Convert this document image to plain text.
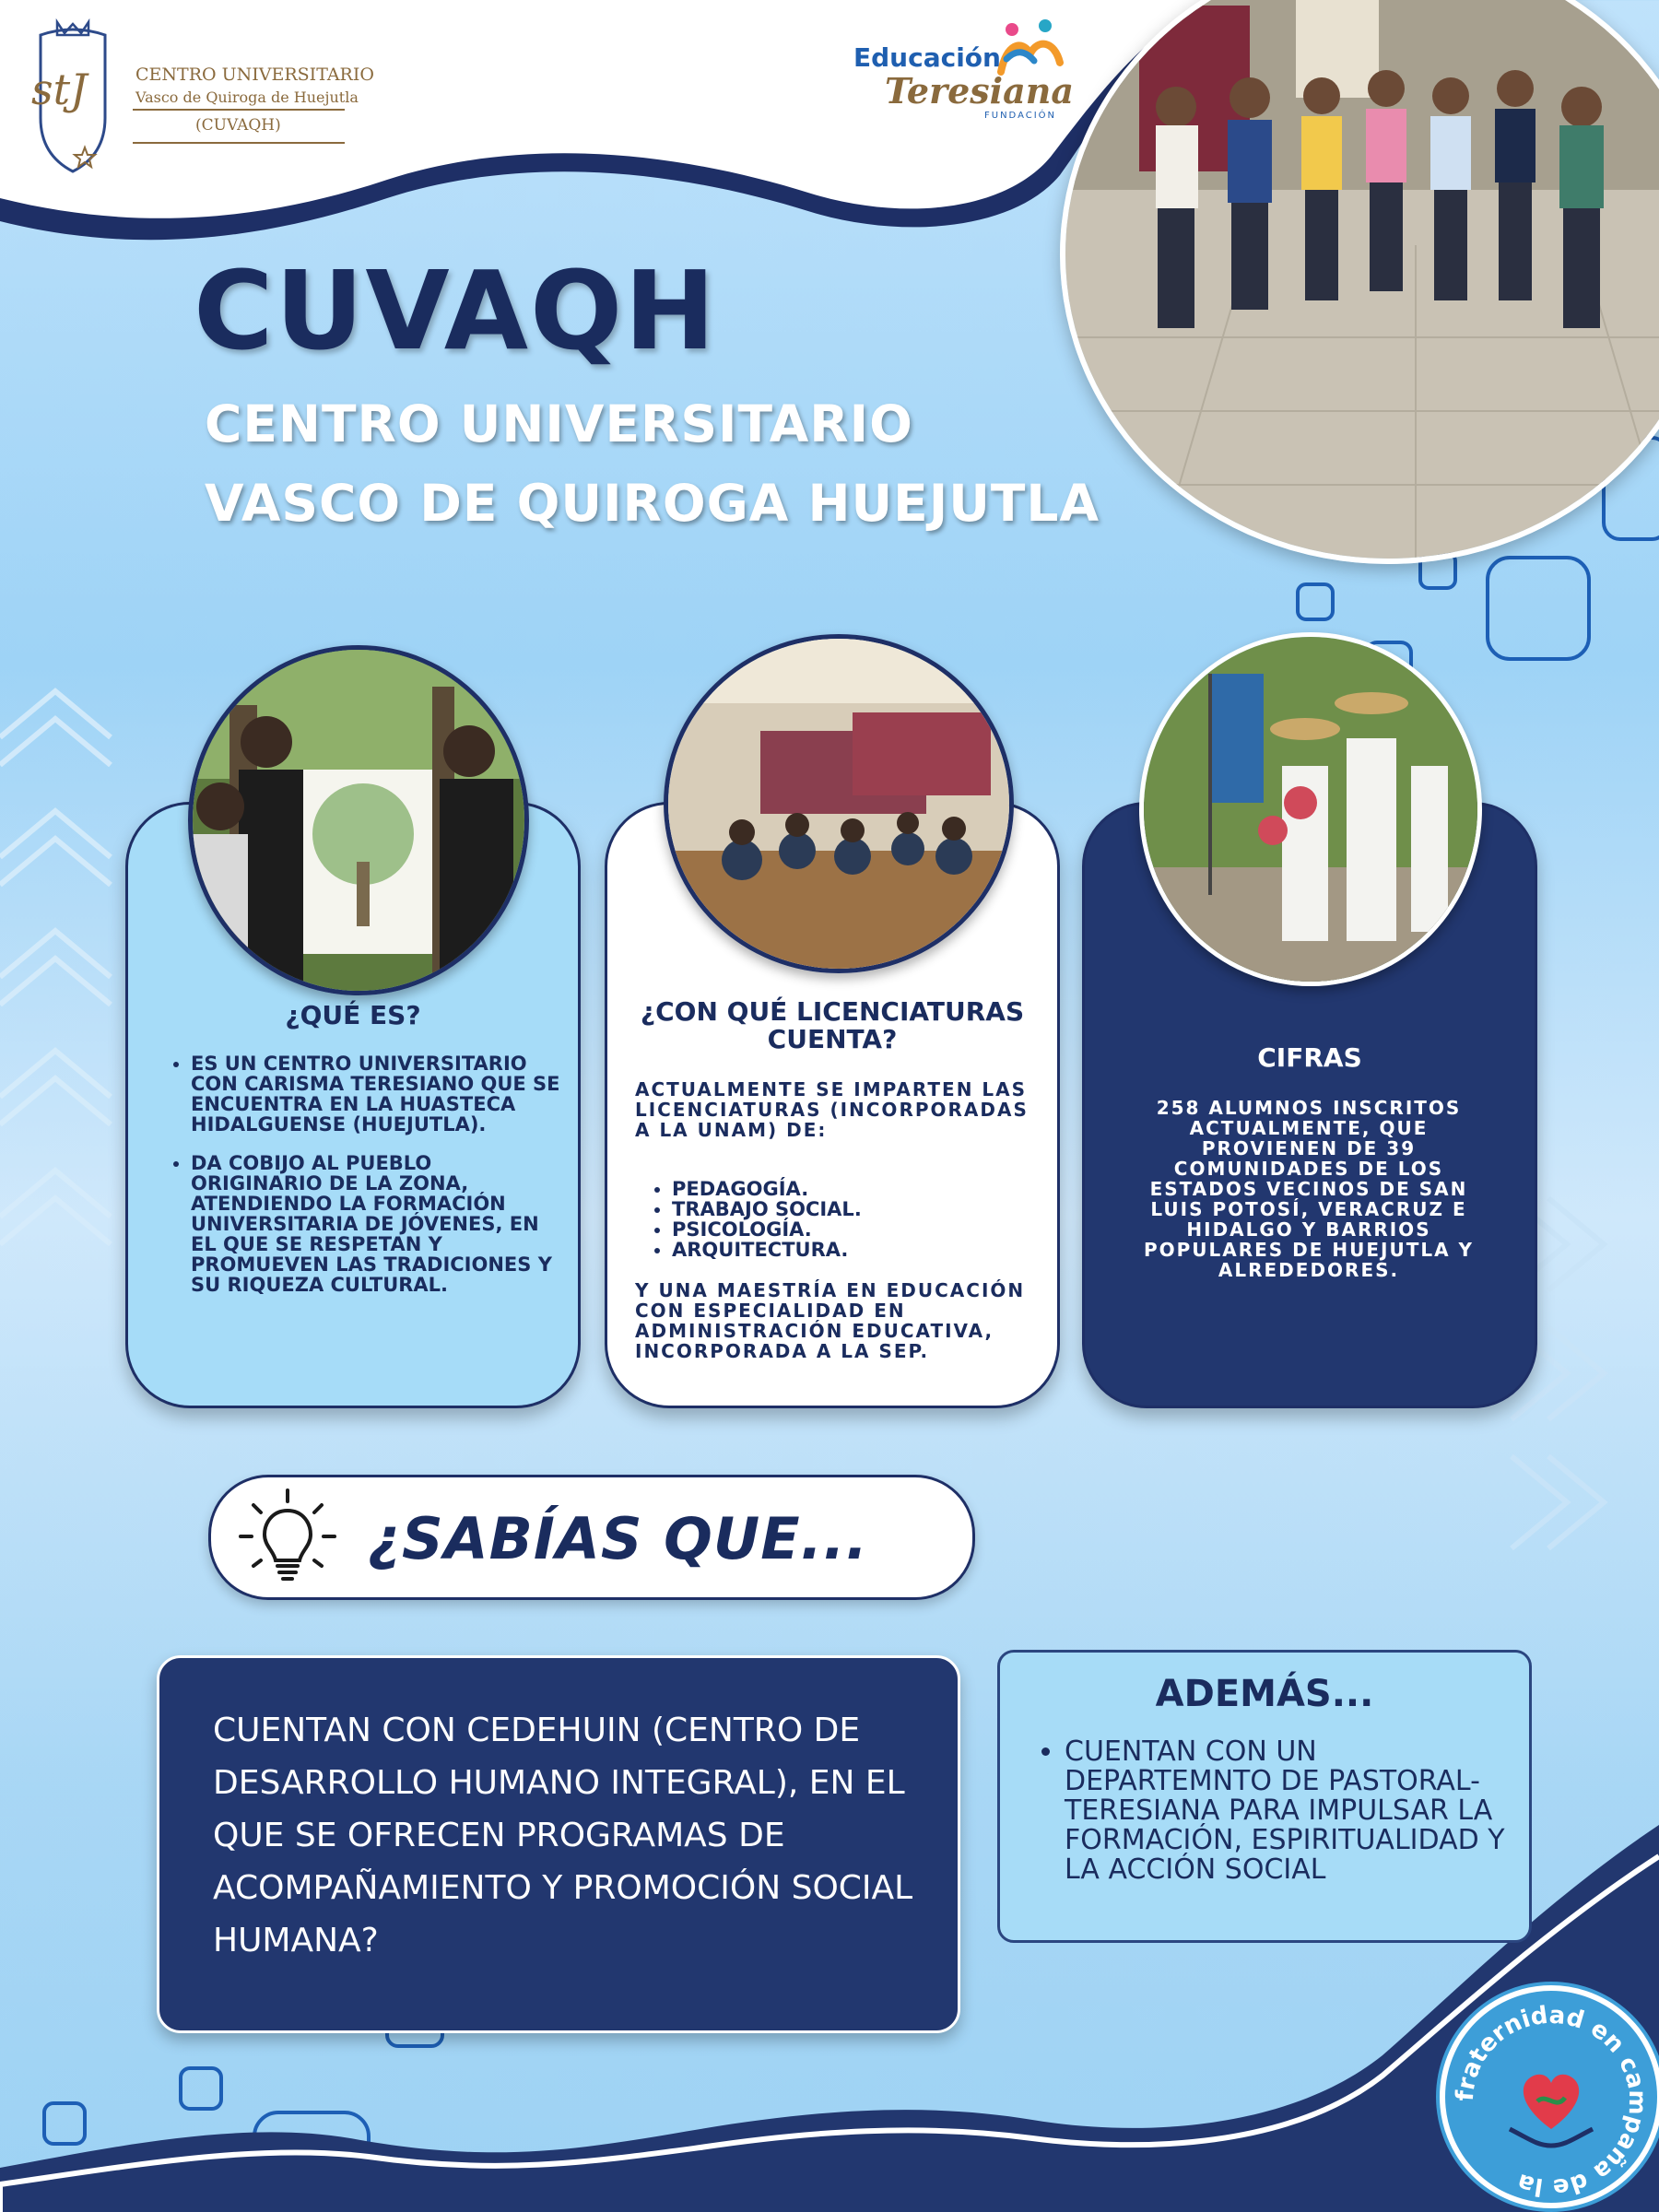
stJ	CENTRO UNIVERSITARIO
Vasco de Quiroga de Huejutla
(CUVAQH)
Educación
Teresiana
FUNDACIÓN
CUVAQH
CENTRO UNIVERSITARIO
VASCO DE QUIROGA HUEJUTLA
¿QUÉ ES?
• ES UN CENTRO UNIVERSITARIO CON CARISMA TERESIANO QUE SE ENCUENTRA EN LA HUASTECA HIDALGUENSE (HUEJUTLA).
• DA COBIJO AL PUEBLO ORIGINARIO DE LA ZONA, ATENDIENDO LA FORMACIÓN UNIVERSITARIA DE JÓVENES, EN EL QUE SE RESPETAN Y PROMUEVEN LAS TRADICIONES Y SU RIQUEZA CULTURAL.
¿CON QUÉ LICENCIATURAS CUENTA?
ACTUALMENTE SE IMPARTEN LAS LICENCIATURAS (INCORPORADAS A LA UNAM) DE:
• PEDAGOGÍA.
• TRABAJO SOCIAL.
• PSICOLOGÍA.
• ARQUITECTURA.
Y UNA MAESTRÍA EN EDUCACIÓN CON ESPECIALIDAD EN ADMINISTRACIÓN EDUCATIVA, INCORPORADA A LA SEP.
CIFRAS
258 ALUMNOS INSCRITOS ACTUALMENTE, QUE PROVIENEN DE 39 COMUNIDADES DE LOS ESTADOS VECINOS DE SAN LUIS POTOSÍ, VERACRUZ E HIDALGO Y BARRIOS POPULARES DE HUEJUTLA Y ALREDEDORES.
¿SABÍAS QUE...
CUENTAN CON CEDEHUIN (CENTRO DE DESARROLLO HUMANO INTEGRAL), EN EL QUE SE OFRECEN PROGRAMAS DE ACOMPAÑAMIENTO Y PROMOCIÓN SOCIAL HUMANA?
ADEMÁS...
• CUENTAN CON UN DEPARTEMNTO DE PASTORAL- TERESIANA PARA IMPULSAR LA FORMACIÓN, ESPIRITUALIDAD Y LA ACCIÓN SOCIAL
fraternidad en campaña de la
